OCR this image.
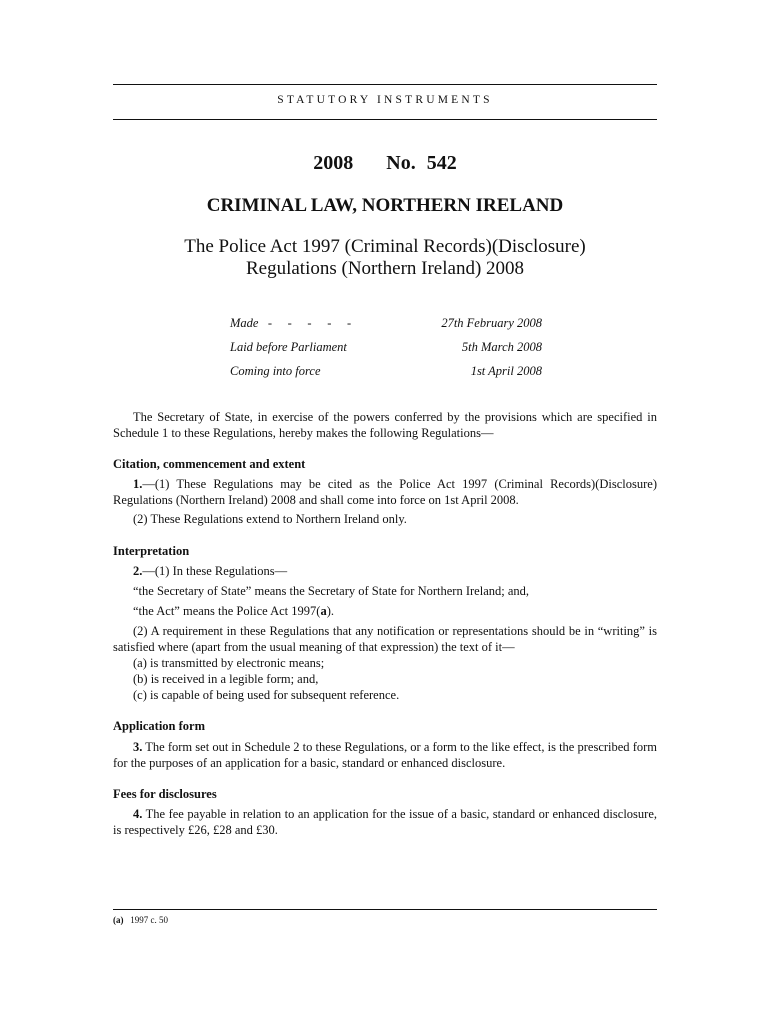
STATUTORY INSTRUMENTS
2008 No. 542
CRIMINAL LAW, NORTHERN IRELAND
The Police Act 1997 (Criminal Records)(Disclosure)
Regulations (Northern Ireland) 2008
Made -     -     -     -     -	27th February 2008
Laid before Parliament	5th March 2008
Coming into force	1st April 2008
The Secretary of State, in exercise of the powers conferred by the provisions which are specified in Schedule 1 to these Regulations, hereby makes the following Regulations—
Citation, commencement and extent
1.—(1) These Regulations may be cited as the Police Act 1997 (Criminal Records)(Disclosure) Regulations (Northern Ireland) 2008 and shall come into force on 1st April 2008.
(2) These Regulations extend to Northern Ireland only.
Interpretation
2.—(1) In these Regulations—
“the Secretary of State” means the Secretary of State for Northern Ireland; and,
“the Act” means the Police Act 1997(a).
(2) A requirement in these Regulations that any notification or representations should be in “writing” is satisfied where (apart from the usual meaning of that expression) the text of it—
(a) is transmitted by electronic means;
(b) is received in a legible form; and,
(c) is capable of being used for subsequent reference.
Application form
3. The form set out in Schedule 2 to these Regulations, or a form to the like effect, is the prescribed form for the purposes of an application for a basic, standard or enhanced disclosure.
Fees for disclosures
4. The fee payable in relation to an application for the issue of a basic, standard or enhanced disclosure, is respectively £26, £28 and £30.
(a) 1997 c. 50
